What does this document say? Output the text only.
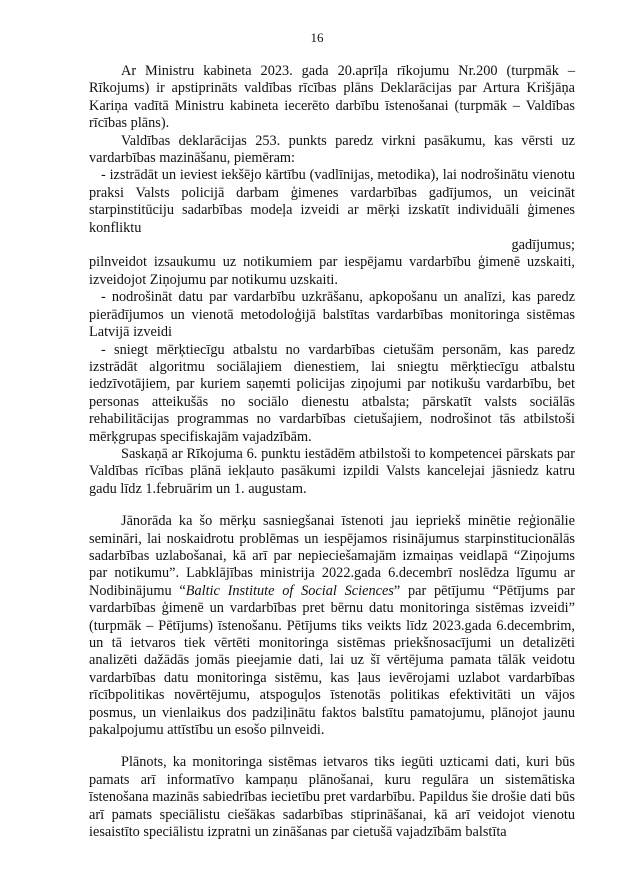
16

Ar Ministru kabineta 2023. gada 20.aprīļa rīkojumu Nr.200 (turpmāk – Rīkojums) ir apstiprināts valdības rīcības plāns Deklarācijas par Artura Krišjāņa Kariņa vadītā Ministru kabineta iecerēto darbību īstenošanai (turpmāk – Valdības rīcības plāns).

Valdības deklarācijas 253. punkts paredz virkni pasākumu, kas vērsti uz vardarbības mazināšanu, piemēram:

- izstrādāt un ieviest iekšējo kārtību (vadlīnijas, metodika), lai nodrošinātu vienotu praksi Valsts policijā darbam ģimenes vardarbības gadījumos, un veicināt starpinstitūciju sadarbības modeļa izveidi ar mērķi izskatīt individuāli ģimenes konfliktu
gadījumus;
pilnveidot izsaukumu uz notikumiem par iespējamu vardarbību ģimenē uzskaiti, izveidojot Ziņojumu par notikumu uzskaiti.
- nodrošināt datu par vardarbību uzkrāšanu, apkopošanu un analīzi, kas paredz pierādījumos un vienotā metodoloģijā balstītas vardarbības monitoringa sistēmas Latvijā izveidi
- sniegt mērķtiecīgu atbalstu no vardarbības cietušām personām, kas paredz izstrādāt algoritmu sociālajiem dienestiem, lai sniegtu mērķtiecīgu atbalstu iedzīvotājiem, par kuriem saņemti policijas ziņojumi par notikušu vardarbību, bet personas atteikušās no sociālo dienestu atbalsta; pārskatīt valsts sociālās rehabilitācijas programmas no vardarbības cietušajiem, nodrošinot tās atbilstoši mērķgrupas specifiskajām vajadzībām.

Saskaņā ar Rīkojuma 6. punktu iestādēm atbilstoši to kompetencei pārskats par Valdības rīcības plānā iekļauto pasākumi izpildi Valsts kancelejai jāsniedz katru gadu līdz 1.februārim un 1. augustam.

Jānorāda ka šo mērķu sasniegšanai īstenoti jau iepriekš minētie reģionālie semināri, lai noskaidrotu problēmas un iespējamos risinājumus starpinstitucionālās sadarbības uzlabošanai, kā arī par nepieciešamajām izmaiņas veidlapā “Ziņojums par notikumu”. Labklājības ministrija 2022.gada 6.decembrī noslēdza līgumu ar Nodibinājumu “Baltic Institute of Social Sciences” par pētījumu “Pētījums par vardarbības ģimenē un vardarbības pret bērnu datu monitoringa sistēmas izveidi” (turpmāk – Pētījums) īstenošanu. Pētījums tiks veikts līdz 2023.gada 6.decembrim, un tā ietvaros tiek vērtēti monitoringa sistēmas priekšnosacījumi un detalizēti analizēti dažādās jomās pieejamie dati, lai uz šī vērtējuma pamata tālāk veidotu vardarbības datu monitoringa sistēmu, kas ļaus ievērojami uzlabot vardarbības rīcībpolitikas novērtējumu, atspoguļos īstenotās politikas efektivitāti un vājos posmus, un vienlaikus dos padziļinātu faktos balstītu pamatojumu, plānojot jaunu pakalpojumu attīstību un esošo pilnveidi.

Plānots, ka monitoringa sistēmas ietvaros tiks iegūti uzticami dati, kuri būs pamats arī informatīvo kampaņu plānošanai, kuru regulāra un sistemātiska īstenošana mazinās sabiedrības iecietību pret vardarbību. Papildus šie drošie dati būs arī pamats speciālistu ciešākas sadarbības stiprināšanai, kā arī veidojot vienotu iesaistīto speciālistu izpratni un zināšanas par cietušā vajadzībām balstīta
